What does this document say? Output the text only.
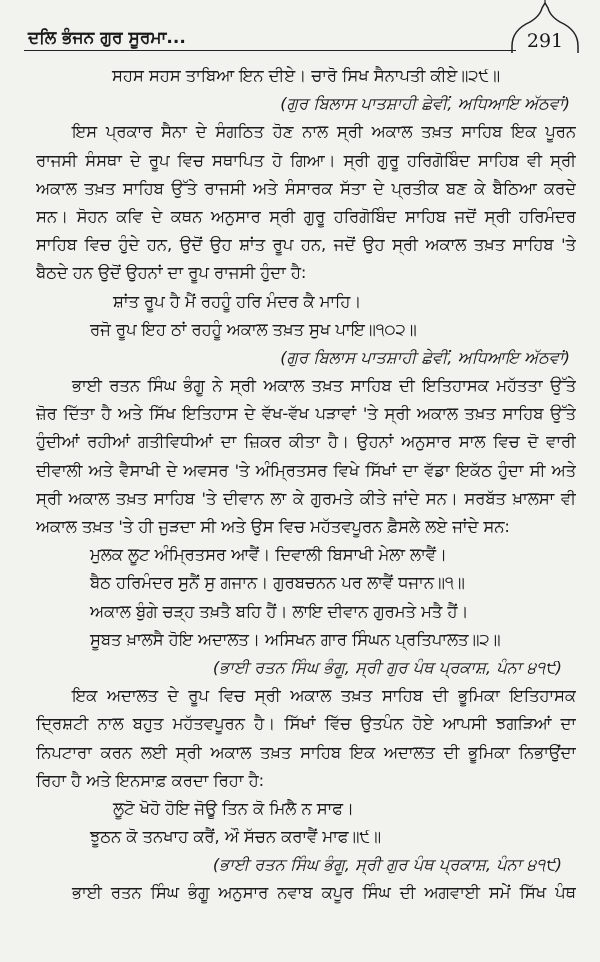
ਦਲਿ ਭੰਜਨ ਗੁਰ ਸੂਰਮਾ...	291
ਸਹਸ ਸਹਸ ਤਾਬਿਆ ਇਨ ਦੀਏ। ਚਾਰੋ ਸਿਖ ਸੈਨਾਪਤੀ ਕੀਏ॥੨੯॥
(ਗੁਰ ਬਿਲਾਸ ਪਾਤਸ਼ਾਹੀ ਛੇਵੀਂ, ਅਧਿਆਇ ਅੱਠਵਾਂ)
ਇਸ ਪ੍ਰਕਾਰ ਸੈਨਾ ਦੇ ਸੰਗਠਿਤ ਹੋਣ ਨਾਲ ਸ੍ਰੀ ਅਕਾਲ ਤਖ਼ਤ ਸਾਹਿਬ ਇਕ ਪੂਰਨ
ਰਾਜਸੀ ਸੰਸਥਾ ਦੇ ਰੂਪ ਵਿਚ ਸਥਾਪਿਤ ਹੋ ਗਿਆ। ਸ੍ਰੀ ਗੁਰੂ ਹਰਿਗੋਬਿੰਦ ਸਾਹਿਬ ਵੀ ਸ੍ਰੀ
ਅਕਾਲ ਤਖ਼ਤ ਸਾਹਿਬ ਉੱਤੇ ਰਾਜਸੀ ਅਤੇ ਸੰਸਾਰਕ ਸੱਤਾ ਦੇ ਪ੍ਰਤੀਕ ਬਣ ਕੇ ਬੈਠਿਆ ਕਰਦੇ
ਸਨ। ਸੋਹਨ ਕਵਿ ਦੇ ਕਥਨ ਅਨੁਸਾਰ ਸ੍ਰੀ ਗੁਰੂ ਹਰਿਗੋਬਿੰਦ ਸਾਹਿਬ ਜਦੋਂ ਸ੍ਰੀ ਹਰਿਮੰਦਰ
ਸਾਹਿਬ ਵਿਚ ਹੁੰਦੇ ਹਨ, ਉਦੋਂ ਉਹ ਸ਼ਾਂਤ ਰੂਪ ਹਨ, ਜਦੋਂ ਉਹ ਸ੍ਰੀ ਅਕਾਲ ਤਖ਼ਤ ਸਾਹਿਬ 'ਤੇ
ਬੈਠਦੇ ਹਨ ਉਦੋਂ ਉਹਨਾਂ ਦਾ ਰੂਪ ਰਾਜਸੀ ਹੁੰਦਾ ਹੈ:
ਸ਼ਾਂਤ ਰੂਪ ਹੈ ਮੈਂ ਰਹਹੂੰ ਹਰਿ ਮੰਦਰ ਕੈ ਮਾਹਿ।
ਰਜੋ ਰੂਪ ਇਹ ਠਾਂ ਰਹਹੂੰ ਅਕਾਲ ਤਖ਼ਤ ਸੁਖ ਪਾਇ॥੧੦੨॥
(ਗੁਰ ਬਿਲਾਸ ਪਾਤਸ਼ਾਹੀ ਛੇਵੀਂ, ਅਧਿਆਇ ਅੱਠਵਾਂ)
ਭਾਈ ਰਤਨ ਸਿੰਘ ਭੰਗੂ ਨੇ ਸ੍ਰੀ ਅਕਾਲ ਤਖ਼ਤ ਸਾਹਿਬ ਦੀ ਇਤਿਹਾਸਕ ਮਹੱਤਤਾ ਉੱਤੇ
ਜ਼ੋਰ ਦਿੱਤਾ ਹੈ ਅਤੇ ਸਿੱਖ ਇਤਿਹਾਸ ਦੇ ਵੱਖ-ਵੱਖ ਪੜਾਵਾਂ 'ਤੇ ਸ੍ਰੀ ਅਕਾਲ ਤਖ਼ਤ ਸਾਹਿਬ ਉੱਤੇ
ਹੁੰਦੀਆਂ ਰਹੀਆਂ ਗਤੀਵਿਧੀਆਂ ਦਾ ਜ਼ਿਕਰ ਕੀਤਾ ਹੈ। ਉਹਨਾਂ ਅਨੁਸਾਰ ਸਾਲ ਵਿਚ ਦੋ ਵਾਰੀ
ਦੀਵਾਲੀ ਅਤੇ ਵੈਸਾਖੀ ਦੇ ਅਵਸਰ 'ਤੇ ਅੰਮ੍ਰਿਤਸਰ ਵਿਖੇ ਸਿੱਖਾਂ ਦਾ ਵੱਡਾ ਇਕੱਠ ਹੁੰਦਾ ਸੀ ਅਤੇ
ਸ੍ਰੀ ਅਕਾਲ ਤਖ਼ਤ ਸਾਹਿਬ 'ਤੇ ਦੀਵਾਨ ਲਾ ਕੇ ਗੁਰਮਤੇ ਕੀਤੇ ਜਾਂਦੇ ਸਨ। ਸਰਬੱਤ ਖ਼ਾਲਸਾ ਵੀ
ਅਕਾਲ ਤਖ਼ਤ 'ਤੇ ਹੀ ਜੁੜਦਾ ਸੀ ਅਤੇ ਉਸ ਵਿਚ ਮਹੱਤਵਪੂਰਨ ਫ਼ੈਸਲੇ ਲਏ ਜਾਂਦੇ ਸਨ:
ਮੁਲਕ ਲੂਟ ਅੰਮ੍ਰਿਤਸਰ ਆਵੈਂ। ਦਿਵਾਲੀ ਬਿਸਾਖੀ ਮੇਲਾ ਲਾਵੈਂ।
ਬੈਠ ਹਰਿਮੰਦਰ ਸੁਨੈਂ ਸੁ ਗਜਾਨ। ਗੁਰਬਚਨਨ ਪਰ ਲਾਵੈਂ ਧਜਾਨ॥੧॥
ਅਕਾਲ ਬੁੰਗੇ ਚੜ੍ਹ ਤਖ਼ਤੈ ਬਹਿ ਹੈਂ। ਲਾਇ ਦੀਵਾਨ ਗੁਰਮਤੇ ਮਤੈ ਹੈਂ।
ਸੂਬਤ ਖ਼ਾਲਸੈ ਹੋਇ ਅਦਾਲਤ। ਅਸਿਖਨ ਗਾਰ ਸਿੰਘਨ ਪ੍ਰਤਿਪਾਲਤ॥੨॥
(ਭਾਈ ਰਤਨ ਸਿੰਘ ਭੰਗੂ, ਸ੍ਰੀ ਗੁਰ ਪੰਥ ਪ੍ਰਕਾਸ਼, ਪੰਨਾ ੪੧੯)
ਇਕ ਅਦਾਲਤ ਦੇ ਰੂਪ ਵਿਚ ਸ੍ਰੀ ਅਕਾਲ ਤਖ਼ਤ ਸਾਹਿਬ ਦੀ ਭੂਮਿਕਾ ਇਤਿਹਾਸਕ
ਦ੍ਰਿਸ਼ਟੀ ਨਾਲ ਬਹੁਤ ਮਹੱਤਵਪੂਰਨ ਹੈ। ਸਿੱਖਾਂ ਵਿੱਚ ਉਤਪੰਨ ਹੋਏ ਆਪਸੀ ਝਗੜਿਆਂ ਦਾ
ਨਿਪਟਾਰਾ ਕਰਨ ਲਈ ਸ੍ਰੀ ਅਕਾਲ ਤਖ਼ਤ ਸਾਹਿਬ ਇਕ ਅਦਾਲਤ ਦੀ ਭੂਮਿਕਾ ਨਿਭਾਉਂਦਾ
ਰਿਹਾ ਹੈ ਅਤੇ ਇਨਸਾਫ਼ ਕਰਦਾ ਰਿਹਾ ਹੈ:
ਲੂਟੋ ਖੋਹੋ ਹੋਇ ਜੋਊ ਤਿਨ ਕੋ ਮਿਲੈ ਨ ਸਾਫ।
ਝੂਠਨ ਕੋ ਤਨਖਾਹ ਕਰੈਂ, ਔ ਸੱਚਨ ਕਰਾਵੈਂ ਮਾਫ॥੯॥
(ਭਾਈ ਰਤਨ ਸਿੰਘ ਭੰਗੂ, ਸ੍ਰੀ ਗੁਰ ਪੰਥ ਪ੍ਰਕਾਸ਼, ਪੰਨਾ ੪੧੯)
ਭਾਈ ਰਤਨ ਸਿੰਘ ਭੰਗੂ ਅਨੁਸਾਰ ਨਵਾਬ ਕਪੂਰ ਸਿੰਘ ਦੀ ਅਗਵਾਈ ਸਮੇਂ ਸਿੱਖ ਪੰਥ
